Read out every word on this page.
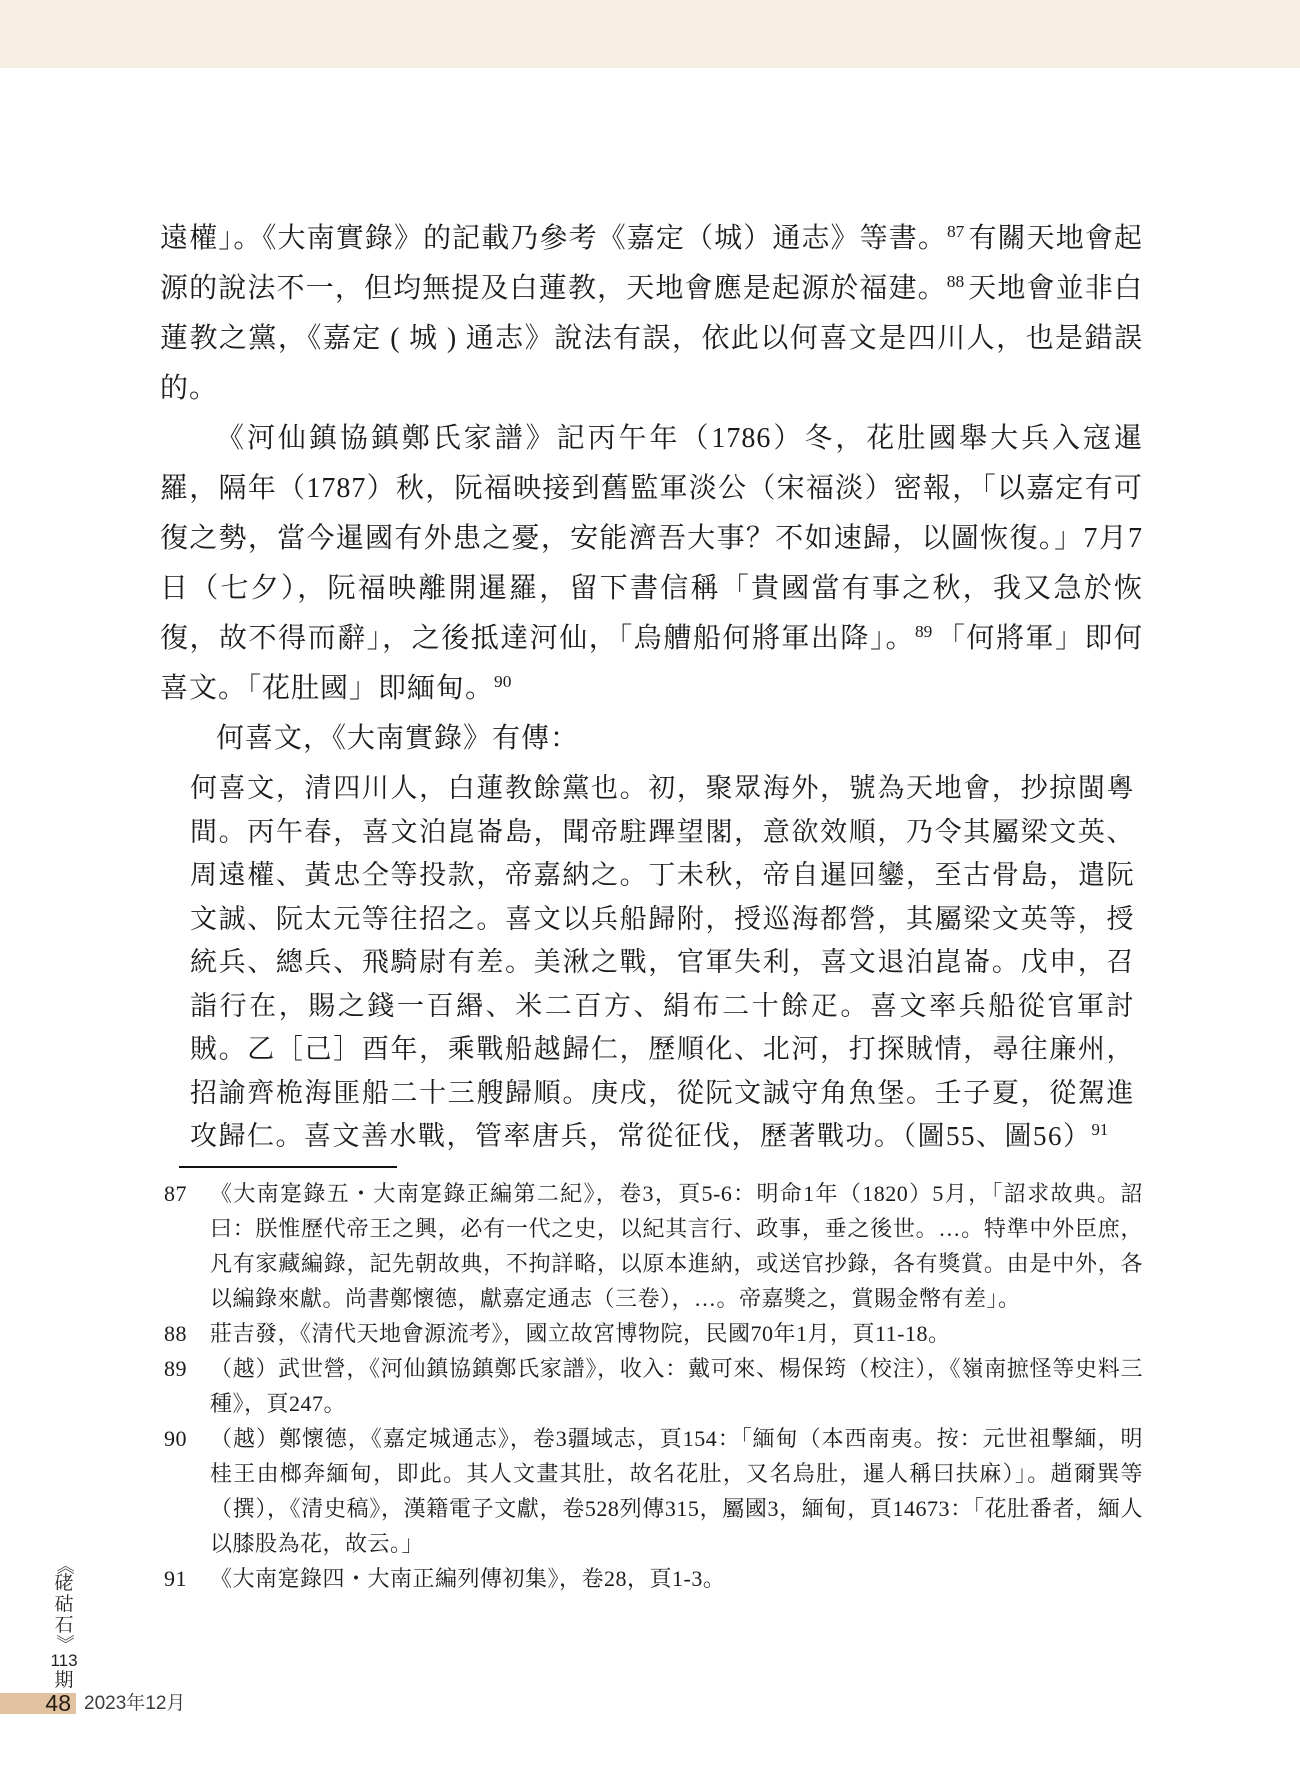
遠權」。《大南實錄》的記載乃參考《嘉定（城）通志》等書。$^{87}$ 有關天地會起源的說法不一，但均無提及白蓮教，天地會應是起源於福建。$^{88}$ 天地會並非白蓮教之黨，《嘉定 ( 城 ) 通志》說法有誤，依此以何喜文是四川人，也是錯誤的。

《河仙鎮協鎮鄭氏家譜》記丙午年（1786）冬，花肚國舉大兵入寇暹羅，隔年（1787）秋，阮福映接到舊監軍淡公（宋福淡）密報，「以嘉定有可復之勢，當今暹國有外患之憂，安能濟吾大事？不如速歸，以圖恢復。」7月7日（七夕），阮福映離開暹羅，留下書信稱「貴國當有事之秋，我又急於恢復，故不得而辭」，之後抵達河仙，「烏艚船何將軍出降」。$^{89}$ 「何將軍」即何喜文。「花肚國」即緬甸。$^{90}$

何喜文，《大南實錄》有傳：

何喜文，清四川人，白蓮教餘黨也。初，聚眾海外，號為天地會，抄掠閩粵間。丙午春，喜文泊崑崙島，聞帝駐蹕望閣，意欲效順，乃令其屬梁文英、周遠權、黃忠仝等投款，帝嘉納之。丁未秋，帝自暹回鑾，至古骨島，遣阮文誠、阮太元等往招之。喜文以兵船歸附，授巡海都營，其屬梁文英等，授統兵、總兵、飛騎尉有差。美湫之戰，官軍失利，喜文退泊崑崙。戊申，召詣行在，賜之錢一百緡、米二百方、絹布二十餘疋。喜文率兵船從官軍討賊。乙［己］酉年，乘戰船越歸仁，歷順化、北河，打探賊情，尋往廉州，招諭齊桅海匪船二十三艘歸順。庚戌，從阮文誠守角魚堡。壬子夏，從駕進攻歸仁。喜文善水戰，管率唐兵，常從征伐，歷著戰功。（圖55、圖56）$^{91}$

87 《大南寔錄五・大南寔錄正編第二紀》，卷3，頁5-6：明命1年（1820）5月，「詔求故典。詔曰：朕惟歷代帝王之興，必有一代之史，以紀其言行、政事，垂之後世。…。特準中外臣庶，凡有家藏編錄，記先朝故典，不拘詳略，以原本進納，或送官抄錄，各有獎賞。由是中外，各以編錄來獻。尚書鄭懷德，獻嘉定通志（三卷），…。帝嘉獎之，賞賜金幣有差」。
88 莊吉發，《清代天地會源流考》，國立故宮博物院，民國70年1月，頁11-18。
89 （越）武世營，《河仙鎮協鎮鄭氏家譜》，收入：戴可來、楊保筠（校注），《嶺南摭怪等史料三種》，頁247。
90 （越）鄭懷德，《嘉定城通志》，卷3疆域志，頁154：「緬甸（本西南夷。按：元世祖擊緬，明桂王由榔奔緬甸，即此。其人文畫其肚，故名花肚，又名烏肚，暹人稱曰扶麻）」。趙爾巽等（撰），《清史稿》，漢籍電子文獻，卷528列傳315，屬國3，緬甸，頁14673：「花肚番者，緬人以膝股為花，故云。」
91 《大南寔錄四・大南正編列傳初集》，卷28，頁1-3。
《
硓
𥑮
石
》
113
期
48 2023年12月
